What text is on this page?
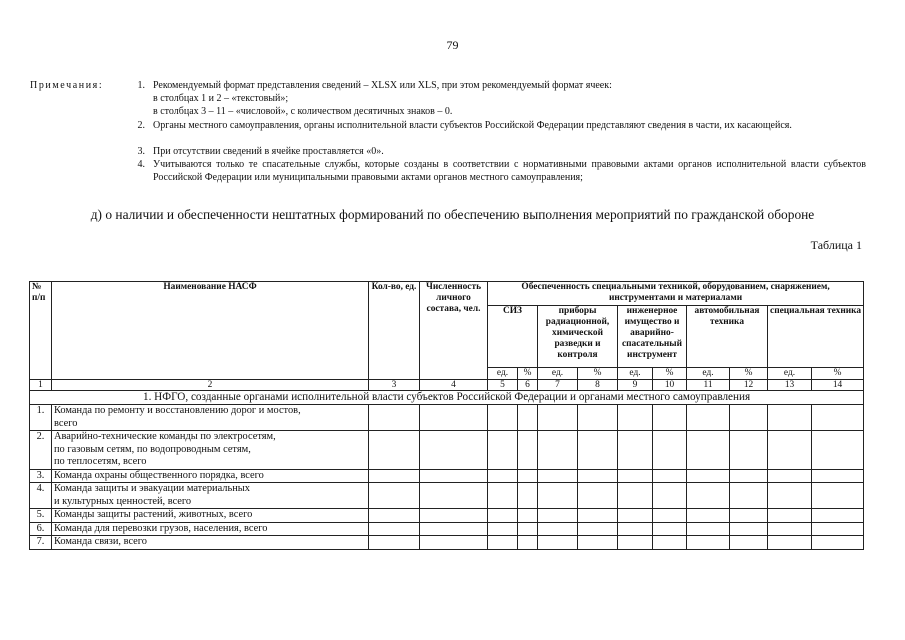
79
Примечания:	1. Рекомендуемый формат представления сведений – XLSX или XLS, при этом рекомендуемый формат ячеек:
в столбцах 1 и 2 – «текстовый»;
в столбцах 3 – 11 – «числовой», с количеством десятичных знаков – 0.
2. Органы местного самоуправления, органы исполнительной власти субъектов Российской Федерации представляют сведения в части, их касающейся.
3. При отсутствии сведений в ячейке проставляется «0».
4. Учитываются только те спасательные службы, которые созданы в соответствии с нормативными правовыми актами органов исполнительной власти субъектов Российской Федерации или муниципальными правовыми актами органов местного самоуправления;
д) о наличии и обеспеченности нештатных формирований по обеспечению выполнения мероприятий по гражданской обороне
Таблица 1
№ п/п	Наименование НАСФ	Кол-во, ед.	Численность личного состава, чел.	Обеспеченность специальными техникой, оборудованием, снаряжением, инструментами и материалами									
				СИЗ		приборы радиационной, химической разведки и контроля		инженерное имущество и аварийно-спасательный инструмент		автомобильная техника		специальная техника	
				ед.	%	ед.	%	ед.	%	ед.	%	ед.	%
1	2	3	4	5	6	7	8	9	10	11	12	13	14
1. НФГО, созданные органами исполнительной власти субъектов Российской Федерации и органами местного самоуправления													
1.	Команда по ремонту и восстановлению дорог и мостов,
всего												

2.	Аварийно-технические команды по электросетям,
по газовым сетям, по водопроводным сетям,
по теплосетям, всего												

3.	Команда охраны общественного порядка, всего												

4.	Команда защиты и эвакуации материальных
и культурных ценностей, всего												

5.	Команды защиты растений, животных, всего												

6.	Команда для перевозки грузов, населения, всего												

7.	Команда связи, всего												
